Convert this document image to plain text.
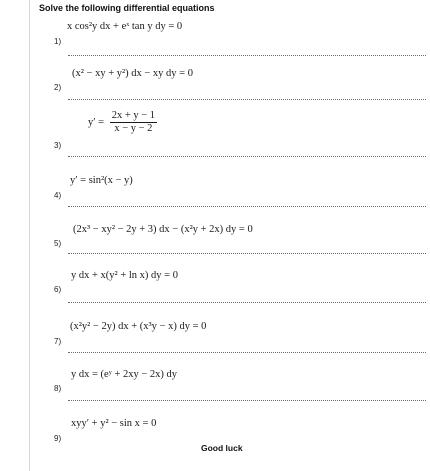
Solve the following differential equations
x cos²y dx + eˣ tan y dy = 0
1)
(x² − xy + y²) dx − xy dy = 0
2)
$y' = \frac{2x + y - 1}{x - y - 2}$
3)
y′ = sin²(x − y)
4)
(2x³ − xy² − 2y + 3) dx − (x²y + 2x) dy = 0
5)
y dx + x(y² + ln x) dy = 0
6)
(x²y² − 2y) dx + (x³y − x) dy = 0
7)
y dx = (eʸ + 2xy − 2x) dy
8)
xyy′ + y² − sin x = 0
9)
Good luck
